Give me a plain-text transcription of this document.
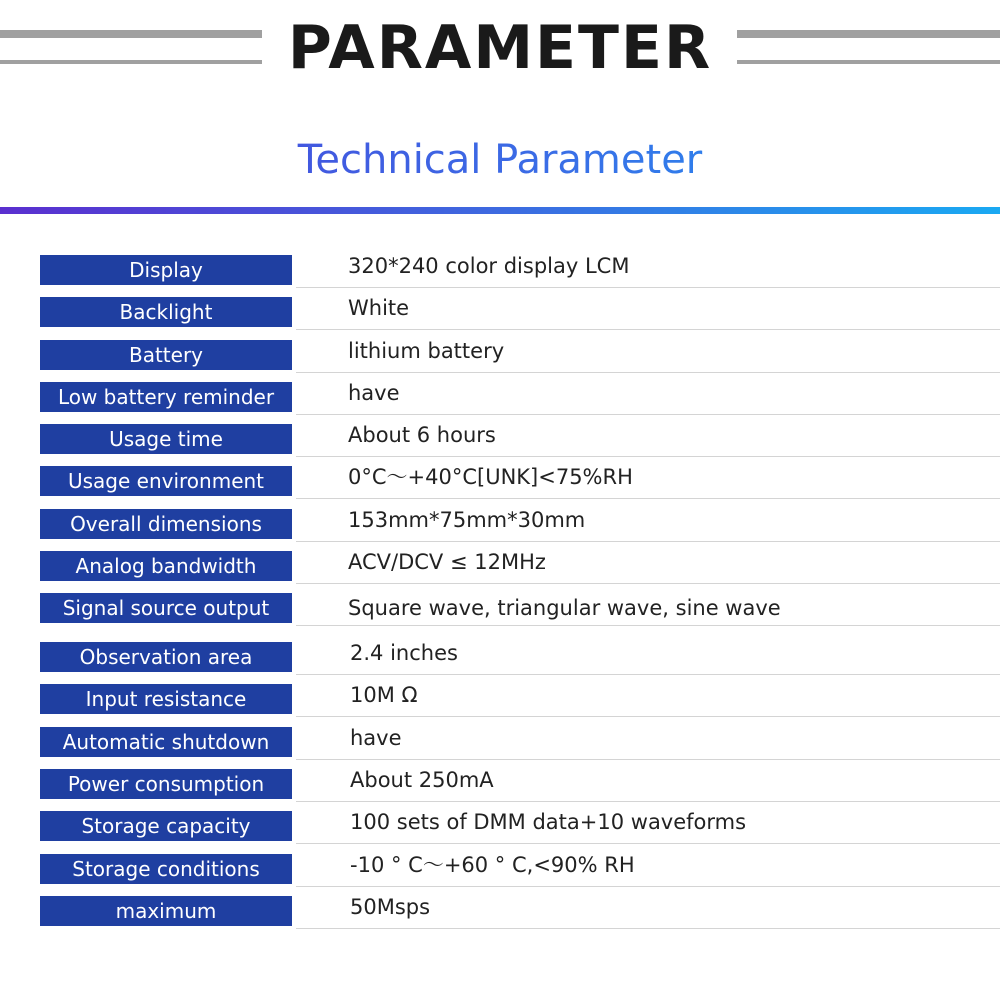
PARAMETER
Technical Parameter
Display	320*240 color display LCM
Backlight	White
Battery	lithium battery
Low battery reminder	have
Usage time	About 6 hours
Usage environment	0°C～+40°C[UNK]<75%RH
Overall dimensions	153mm*75mm*30mm
Analog bandwidth	ACV/DCV ≤ 12MHz
Signal source output	Square wave, triangular wave, sine wave
Observation area	2.4 inches
Input resistance	10M Ω
Automatic shutdown	have
Power consumption	About 250mA
Storage capacity	100 sets of DMM data+10 waveforms
Storage conditions	-10 ° C～+60 ° C,<90% RH
maximum	50Msps
